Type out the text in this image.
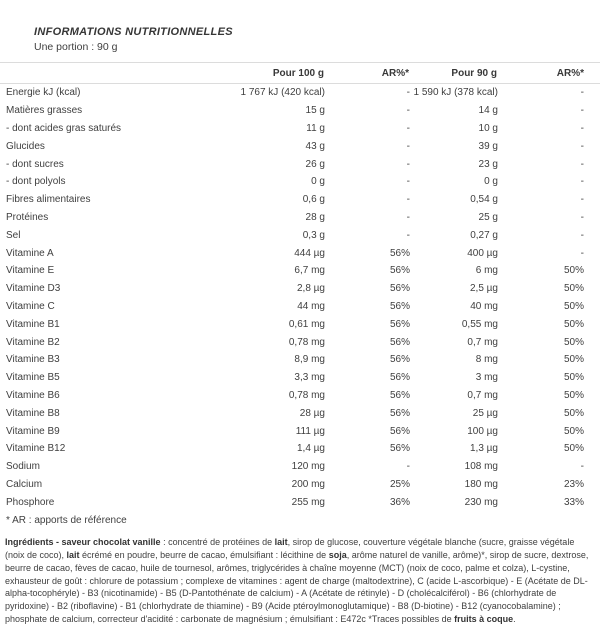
INFORMATIONS NUTRITIONNELLES
Une portion : 90 g
	Pour 100 g	AR%*	Pour 90 g	AR%*
Energie kJ (kcal)	1 767 kJ (420 kcal)	-	1 590 kJ (378 kcal)	-
Matières grasses	15 g	-	14 g	-
- dont acides gras saturés	11 g	-	10 g	-
Glucides	43 g	-	39 g	-
- dont sucres	26 g	-	23 g	-
- dont polyols	0 g	-	0 g	-
Fibres alimentaires	0,6 g	-	0,54 g	-
Protéines	28 g	-	25 g	-
Sel	0,3 g	-	0,27 g	-
Vitamine A	444 µg	56%	400 µg	-
Vitamine E	6,7 mg	56%	6 mg	50%
Vitamine D3	2,8 µg	56%	2,5 µg	50%
Vitamine C	44 mg	56%	40 mg	50%
Vitamine B1	0,61 mg	56%	0,55 mg	50%
Vitamine B2	0,78 mg	56%	0,7 mg	50%
Vitamine B3	8,9 mg	56%	8 mg	50%
Vitamine B5	3,3 mg	56%	3 mg	50%
Vitamine B6	0,78 mg	56%	0,7 mg	50%
Vitamine B8	28 µg	56%	25 µg	50%
Vitamine B9	111 µg	56%	100 µg	50%
Vitamine B12	1,4 µg	56%	1,3 µg	50%
Sodium	120 mg	-	108 mg	-
Calcium	200 mg	25%	180 mg	23%
Phosphore	255 mg	36%	230 mg	33%
* AR : apports de référence

Ingrédients - saveur chocolat vanille : concentré de protéines de lait, sirop de glucose, couverture végétale blanche (sucre, graisse végétale (noix de coco), lait écrémé en poudre, beurre de cacao, émulsifiant : lécithine de soja, arôme naturel de vanille, arôme)*, sirop de sucre, dextrose, beurre de cacao, fèves de cacao, huile de tournesol, arômes, triglycérides à chaîne moyenne (MCT) (noix de coco, palme et colza), L-cystine, exhausteur de goût : chlorure de potassium ; complexe de vitamines : agent de charge (maltodextrine), C (acide L-ascorbique) - E (Acétate de DL-alpha-tocophéryle) - B3 (nicotinamide) - B5 (D-Pantothénate de calcium) - A (Acétate de rétinyle) - D (cholécalciférol) - B6 (chlorhydrate de pyridoxine) - B2 (riboflavine) - B1 (chlorhydrate de thiamine) - B9 (Acide ptéroylmonoglutamique) - B8 (D-biotine) - B12 (cyanocobalamine) ; phosphate de calcium, correcteur d'acidité : carbonate de magnésium ; émulsifiant : E472c *Traces possibles de fruits à coque.
